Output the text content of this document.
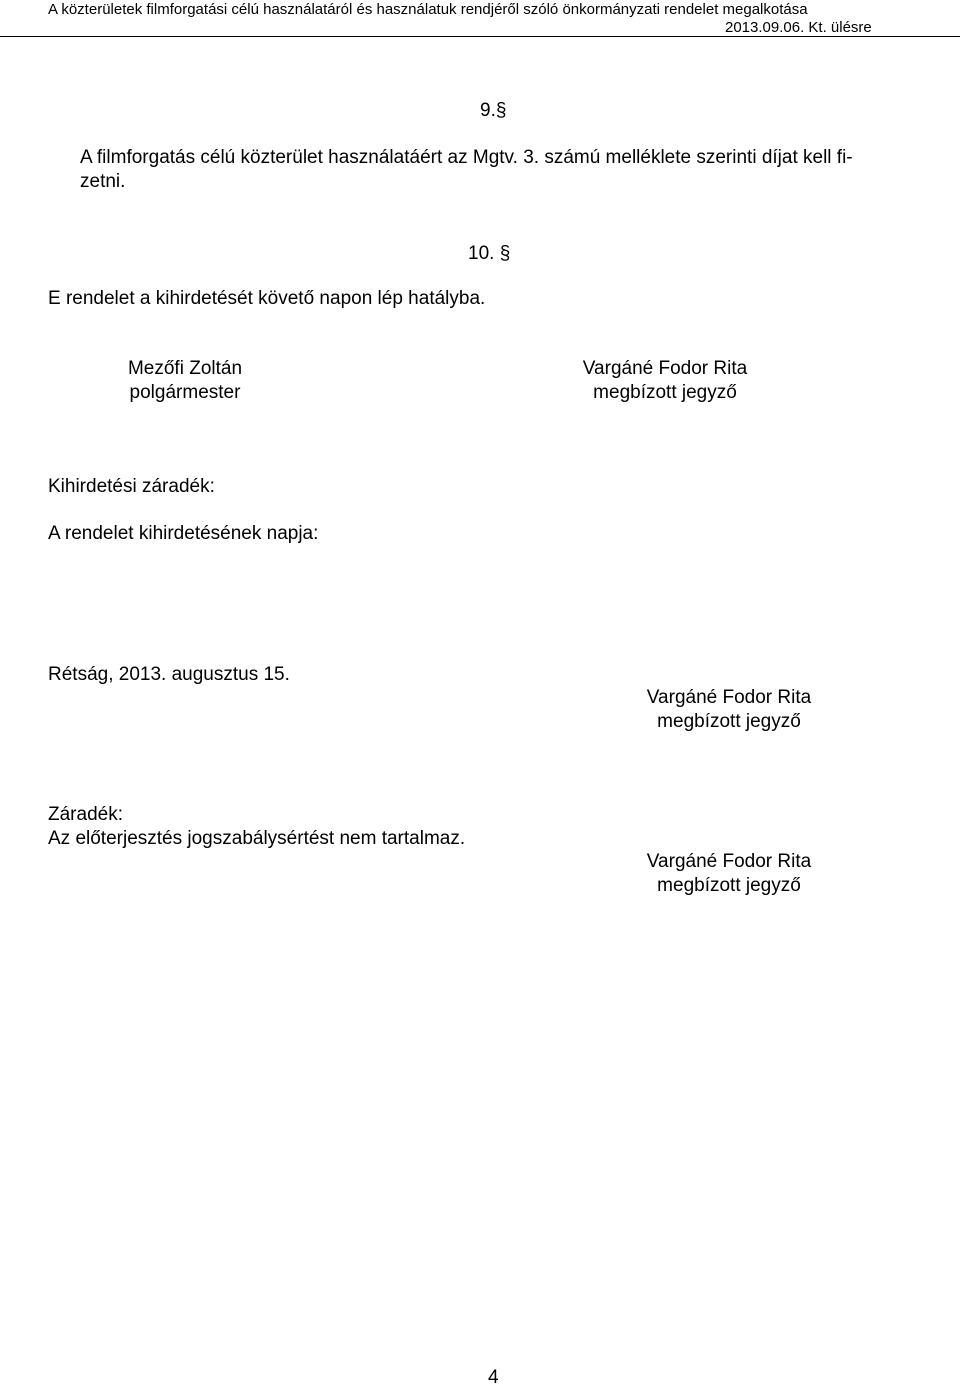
A közterületek filmforgatási célú használatáról és használatuk rendjéről szóló önkormányzati rendelet megalkotása
2013.09.06. Kt. ülésre
9.§
A filmforgatás célú közterület használatáért az Mgtv. 3. számú melléklete szerinti díjat kell fi-
zetni.
10. §
E rendelet a kihirdetését követő napon lép hatályba.
Mezőfi Zoltán
polgármester
Vargáné Fodor Rita
megbízott jegyző
Kihirdetési záradék:
A rendelet kihirdetésének napja:
Rétság, 2013. augusztus 15.
Vargáné Fodor Rita
megbízott jegyző
Záradék:
Az előterjesztés jogszabálysértést nem tartalmaz.
Vargáné Fodor Rita
megbízott jegyző
4
